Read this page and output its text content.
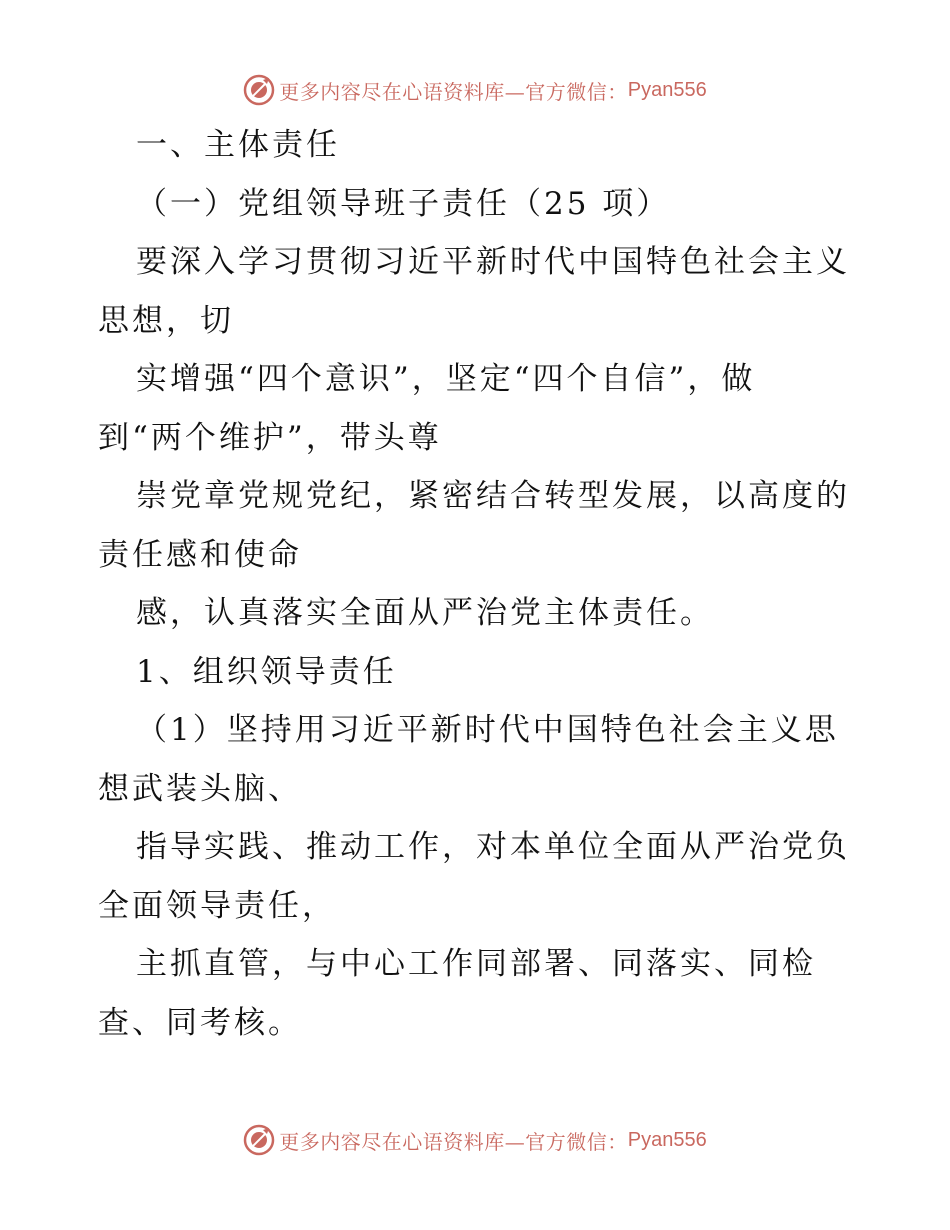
更多内容尽在心语资料库—官方微信： Pyan556
一、主体责任
（一）党组领导班子责任（25 项）
要深入学习贯彻习近平新时代中国特色社会主义
思想，切
实增强“四个意识”，坚定“四个自信”，做
到“两个维护”，带头尊
崇党章党规党纪，紧密结合转型发展，以高度的
责任感和使命
感，认真落实全面从严治党主体责任。
1、组织领导责任
（1）坚持用习近平新时代中国特色社会主义思
想武装头脑、
指导实践、推动工作，对本单位全面从严治党负
全面领导责任，
主抓直管，与中心工作同部署、同落实、同检
查、同考核。
更多内容尽在心语资料库—官方微信： Pyan556
